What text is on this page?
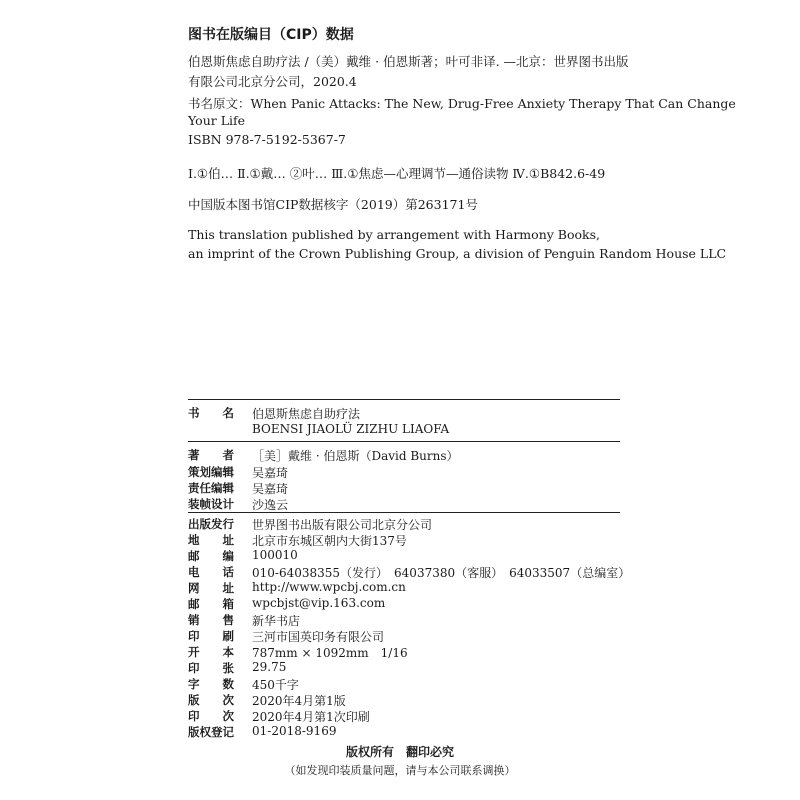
图书在版编目（CIP）数据
伯恩斯焦虑自助疗法 /（美）戴维 · 伯恩斯著；叶可非译. —北京：世界图书出版
有限公司北京分公司，2020.4
书名原文：When Panic Attacks: The New, Drug-Free Anxiety Therapy That Can Change
Your Life
ISBN 978-7-5192-5367-7
Ⅰ.①伯… Ⅱ.①戴… ②叶… Ⅲ.①焦虑—心理调节—通俗读物 Ⅳ.①B842.6-49
中国版本图书馆CIP数据核字（2019）第263171号
This translation published by arrangement with Harmony Books,
an imprint of the Crown Publishing Group, a division of Penguin Random House LLC
书　　名 伯恩斯焦虑自助疗法
BOENSI JIAOLÜ ZIZHU LIAOFA
著　　者 ［美］戴维 · 伯恩斯（David Burns）
策划编辑 吴嘉琦
责任编辑 吴嘉琦
装帧设计 沙逸云
出版发行 世界图书出版有限公司北京分公司
地　　址 北京市东城区朝内大街137号
邮　　编 100010
电　　话 010-64038355（发行）　64037380（客服）　64033507（总编室）
网　　址 http://www.wpcbj.com.cn
邮　　箱 wpcbjst@vip.163.com
销　　售 新华书店
印　　刷 三河市国英印务有限公司
开　　本 787mm × 1092mm　1/16
印　　张 29.75
字　　数 450千字
版　　次 2020年4月第1版
印　　次 2020年4月第1次印刷
版权登记 01-2018-9169
版权所有　翻印必究
（如发现印装质量问题，请与本公司联系调换）
